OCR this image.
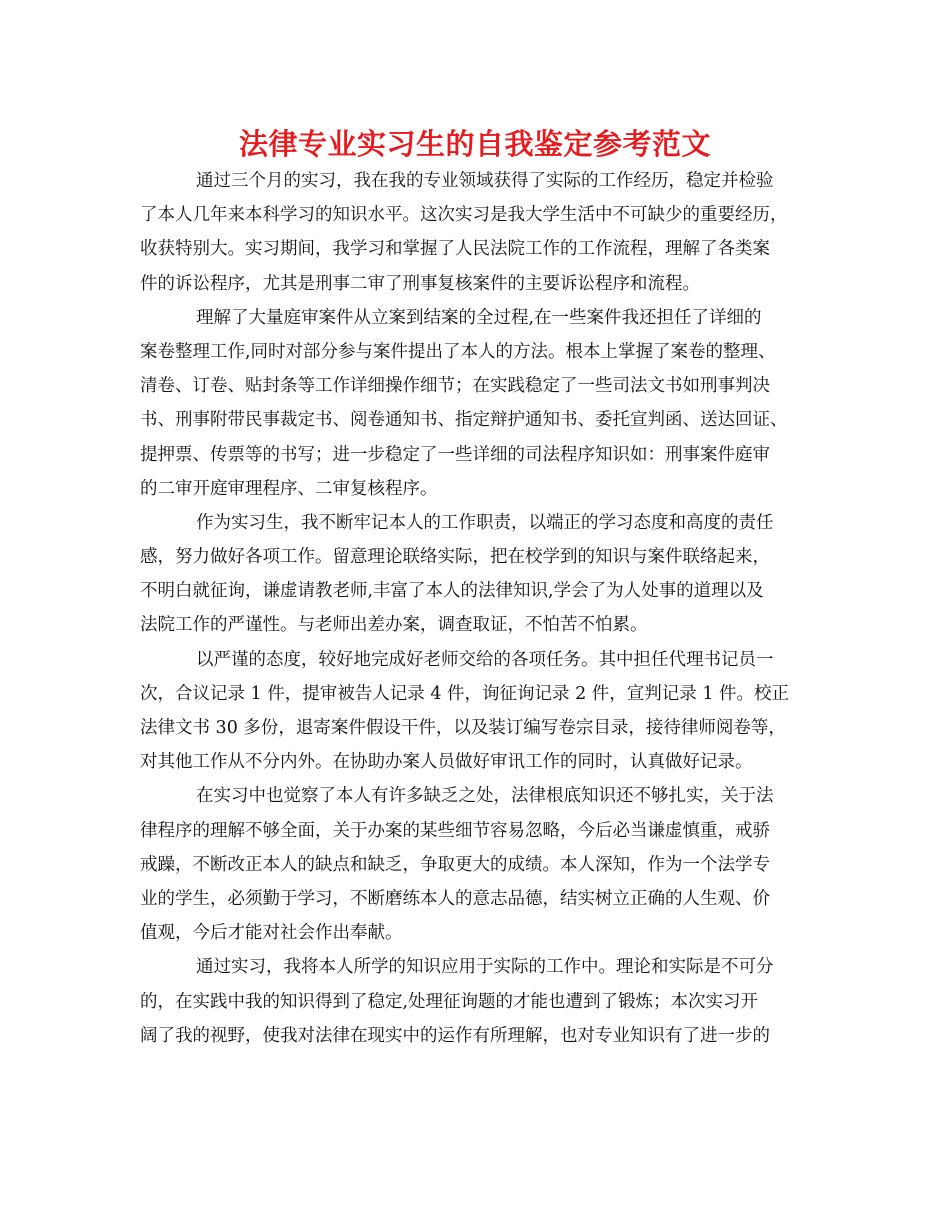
法律专业实习生的自我鉴定参考范文
通过三个月的实习，我在我的专业领域获得了实际的工作经历，稳定并检验
了本人几年来本科学习的知识水平。这次实习是我大学生活中不可缺少的重要经历，
收获特别大。实习期间，我学习和掌握了人民法院工作的工作流程，理解了各类案
件的诉讼程序，尤其是刑事二审了刑事复核案件的主要诉讼程序和流程。
理解了大量庭审案件从立案到结案的全过程,在一些案件我还担任了详细的
案卷整理工作,同时对部分参与案件提出了本人的方法。根本上掌握了案卷的整理、
清卷、订卷、贴封条等工作详细操作细节；在实践稳定了一些司法文书如刑事判决
书、刑事附带民事裁定书、阅卷通知书、指定辩护通知书、委托宣判函、送达回证、
提押票、传票等的书写；进一步稳定了一些详细的司法程序知识如：刑事案件庭审
的二审开庭审理程序、二审复核程序。
作为实习生，我不断牢记本人的工作职责，以端正的学习态度和高度的责任
感，努力做好各项工作。留意理论联络实际，把在校学到的知识与案件联络起来，
不明白就征询，谦虚请教老师,丰富了本人的法律知识,学会了为人处事的道理以及
法院工作的严谨性。与老师出差办案，调查取证，不怕苦不怕累。
以严谨的态度，较好地完成好老师交给的各项任务。其中担任代理书记员一
次，合议记录 1 件，提审被告人记录 4 件，询征询记录 2 件，宣判记录 1 件。校正
法律文书 30 多份，退寄案件假设干件，以及装订编写卷宗目录，接待律师阅卷等，
对其他工作从不分内外。在协助办案人员做好审讯工作的同时，认真做好记录。
在实习中也觉察了本人有许多缺乏之处，法律根底知识还不够扎实，关于法
律程序的理解不够全面，关于办案的某些细节容易忽略，今后必当谦虚慎重，戒骄
戒躁，不断改正本人的缺点和缺乏，争取更大的成绩。本人深知，作为一个法学专
业的学生，必须勤于学习，不断磨练本人的意志品德，结实树立正确的人生观、价
值观，今后才能对社会作出奉献。
通过实习，我将本人所学的知识应用于实际的工作中。理论和实际是不可分
的，在实践中我的知识得到了稳定,处理征询题的才能也遭到了锻炼；本次实习开
阔了我的视野，使我对法律在现实中的运作有所理解，也对专业知识有了进一步的
